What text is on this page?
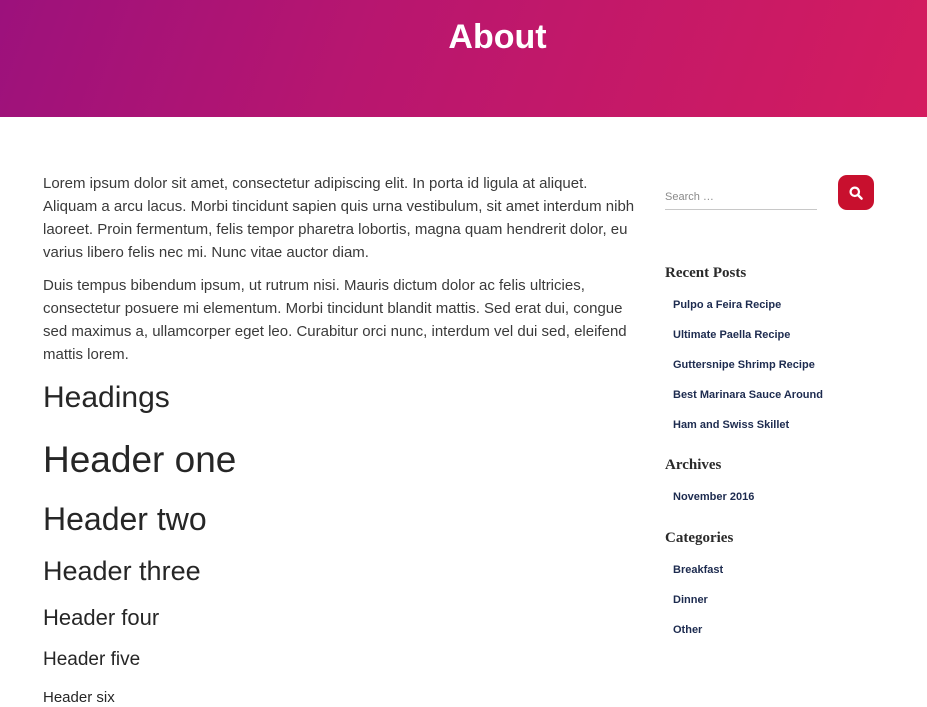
About

Lorem ipsum dolor sit amet, consectetur adipiscing elit. In porta id ligula at aliquet. Aliquam a arcu lacus. Morbi tincidunt sapien quis urna vestibulum, sit amet interdum nibh laoreet. Proin fermentum, felis tempor pharetra lobortis, magna quam hendrerit dolor, eu varius libero felis nec mi. Nunc vitae auctor diam.

Duis tempus bibendum ipsum, ut rutrum nisi. Mauris dictum dolor ac felis ultricies, consectetur posuere mi elementum. Morbi tincidunt blandit mattis. Sed erat dui, congue sed maximus a, ullamcorper eget leo. Curabitur orci nunc, interdum vel dui sed, eleifend mattis lorem.

Headings
Header one
Header two
Header three
Header four
Header five
Header six
Search …
Recent Posts
Pulpo a Feira Recipe
Ultimate Paella Recipe
Guttersnipe Shrimp Recipe
Best Marinara Sauce Around
Ham and Swiss Skillet
Archives
November 2016
Categories
Breakfast
Dinner
Other
